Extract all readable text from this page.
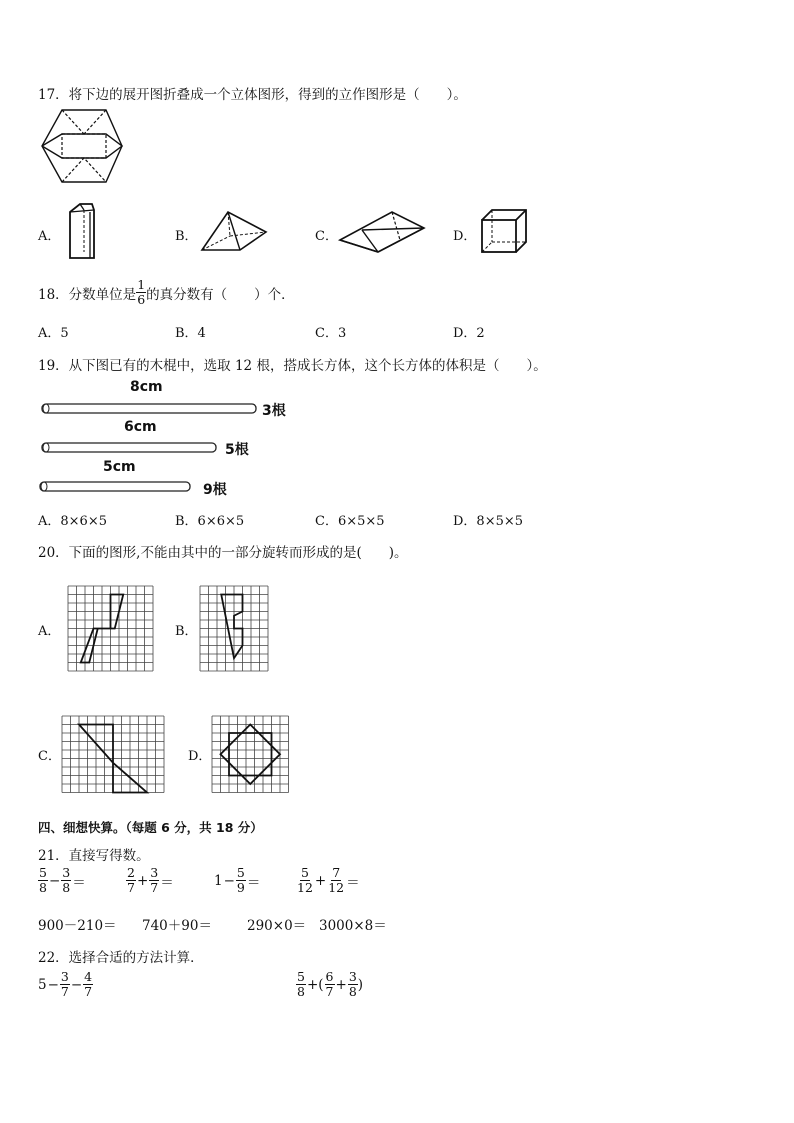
17．将下边的展开图折叠成一个立体图形，得到的立作图形是（　　）。
A．	B．	C．	D．
18．分数单位是 $\frac{1}{6}$ 的真分数有（　　）个．
A．5	B．4	C．3	D．2
19．从下图已有的木棍中，选取 12 根，搭成长方体，这个长方体的体积是（　　）。
8cm
3根
6cm
5根
5cm
9根
A．8×6×5	B．6×6×5	C．6×5×5	D．8×5×5
20．下面的图形,不能由其中的一部分旋转而形成的是(　　)。
A．	B．
C．	D．
四、细想快算。（每题 6 分，共 18 分）
21．直接写得数。
$\frac{5}{8} - \frac{3}{8}$ ＝	$\frac{2}{7} + \frac{3}{7}$ ＝	$1 - \frac{5}{9}$ ＝	$\frac{5}{12} + \frac{7}{12}$ ＝
900－210＝ 740＋90＝	290×0＝ 3000×8＝
22．选择合适的方法计算．
$5 - \frac{3}{7} - \frac{4}{7}$	$\frac{5}{8}$ +( $\frac{6}{7} + \frac{3}{8}$ )
